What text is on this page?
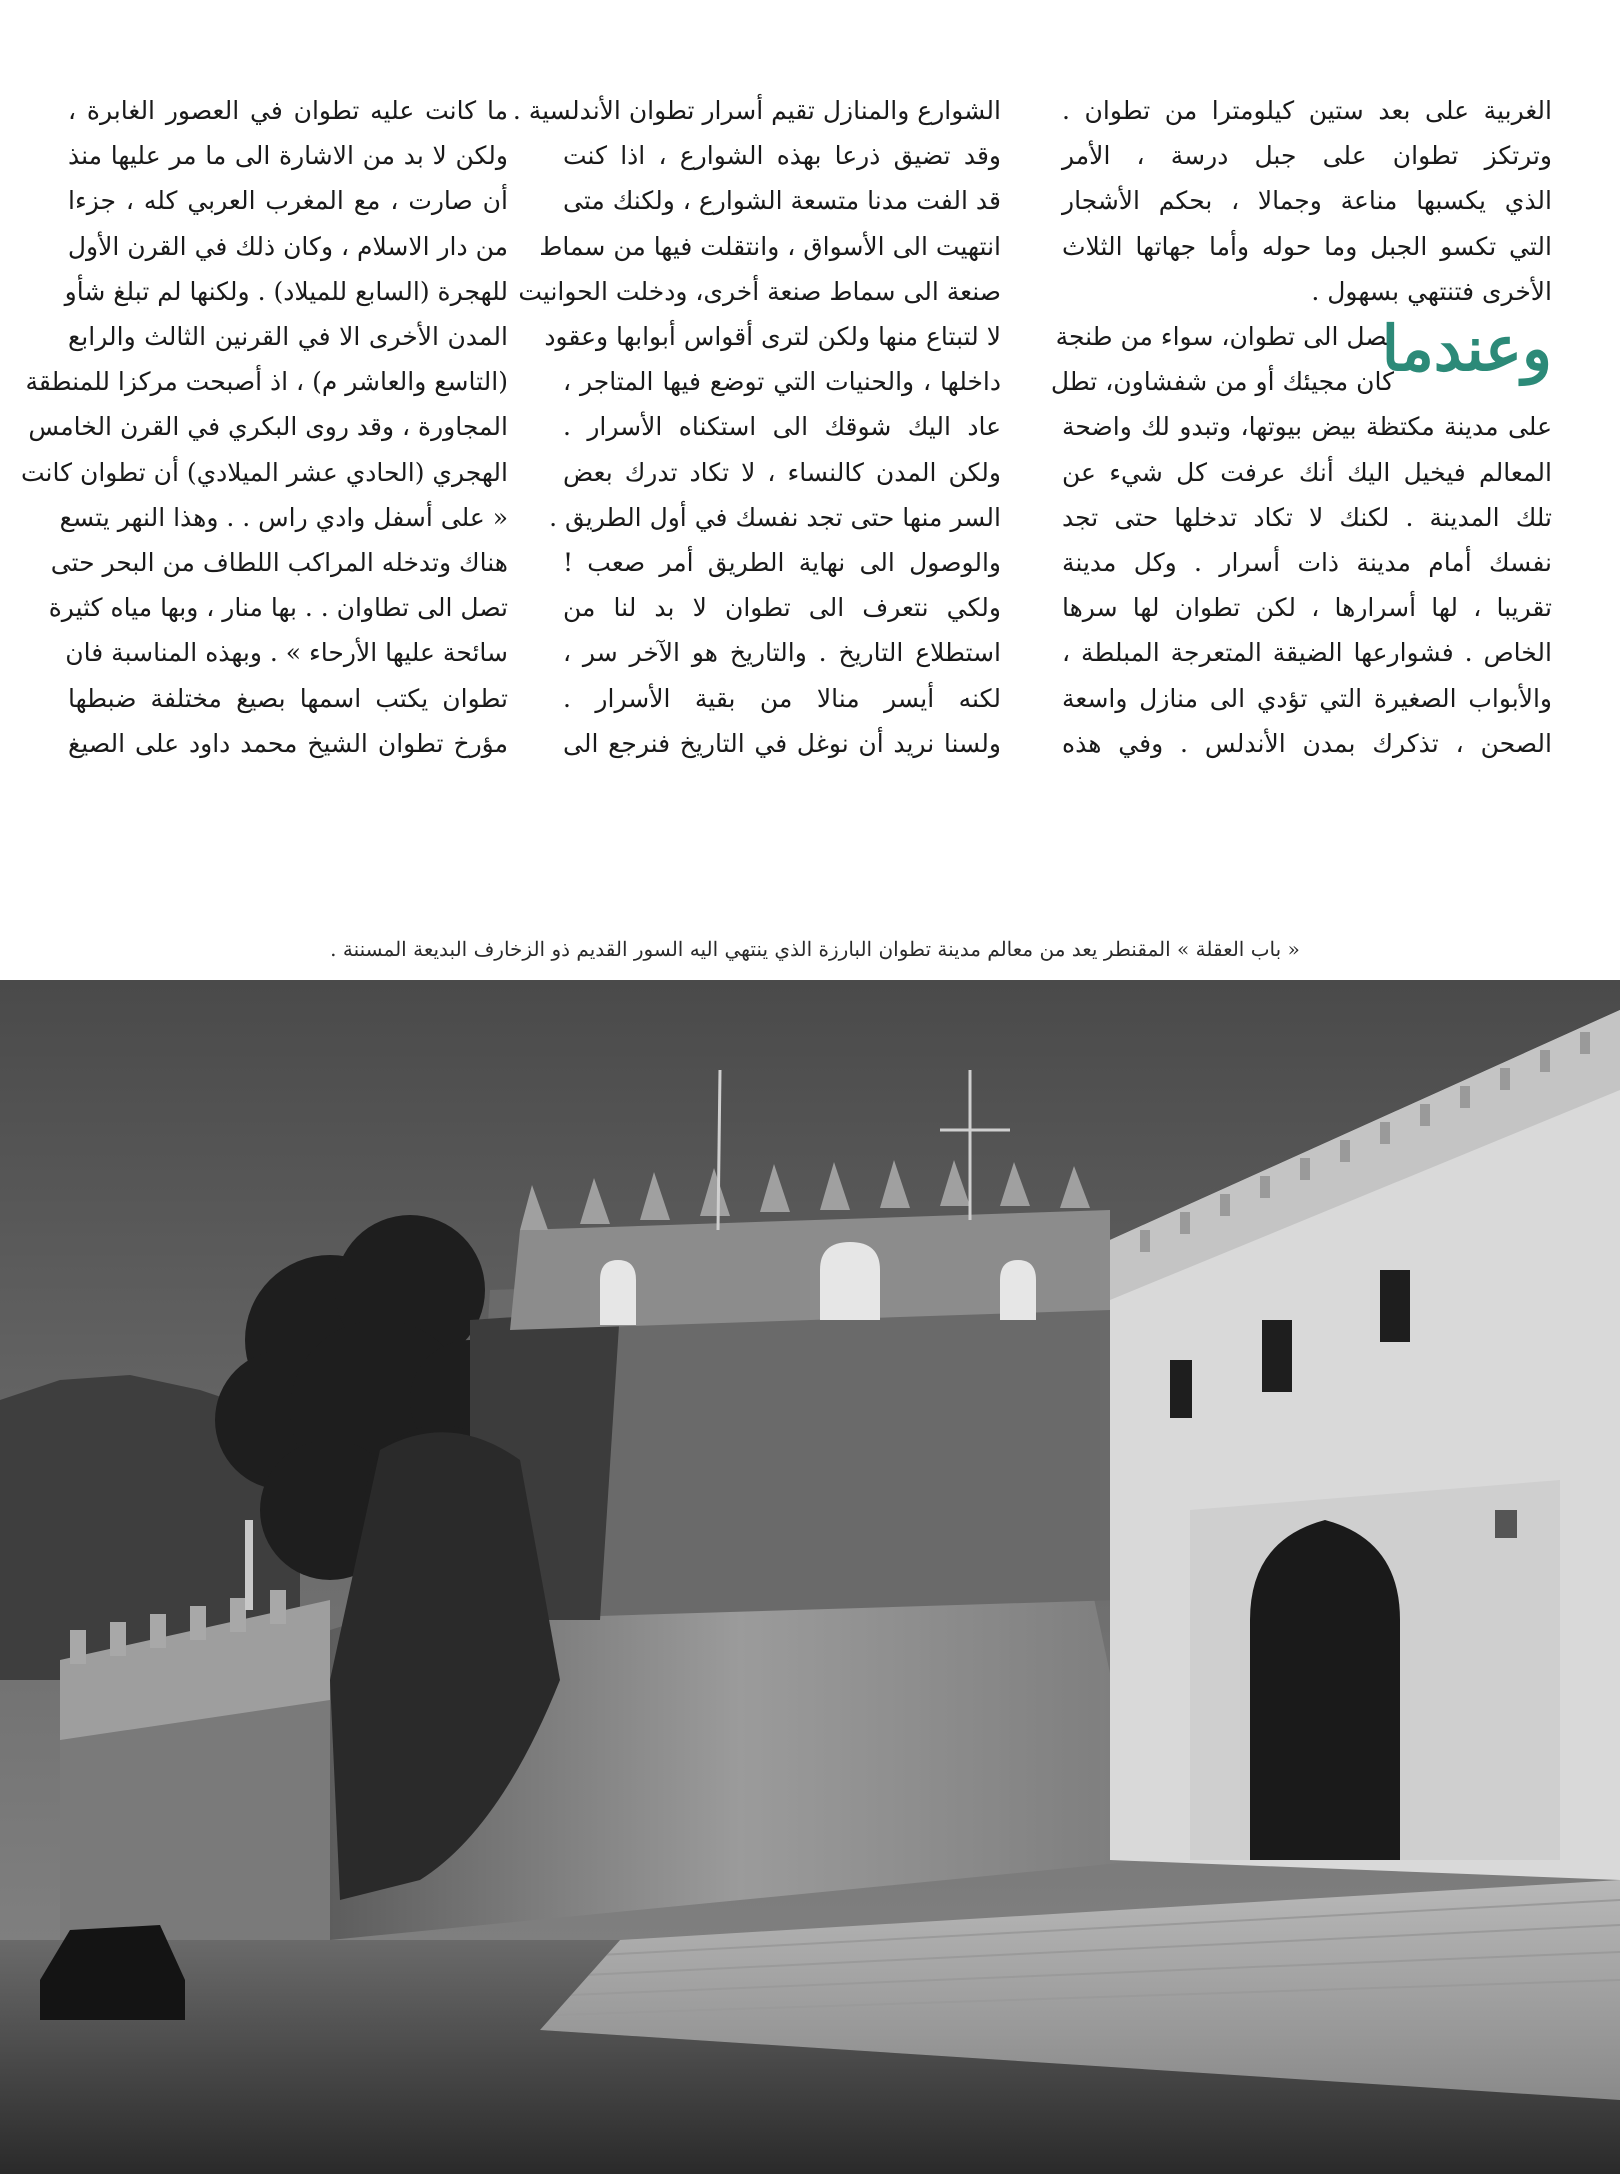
الغربية على بعد ستين كيلومترا من تطوان .

وترتكز تطوان على جبل درسة ، الأمر

الذي يكسبها مناعة وجمالا ، بحكم الأشجار

التي تكسو الجبل وما حوله وأما جهاتها الثلاث

الأخرى فتنتهي بسهول .

وعندما

تصل الى تطوان، سواء من طنجة

كان مجيئك أو من شفشاون، تطل

على مدينة مكتظة بيض بيوتها، وتبدو لك واضحة

المعالم فيخيل اليك أنك عرفت كل شيء عن

تلك المدينة . لكنك لا تكاد تدخلها حتى تجد

نفسك أمام مدينة ذات أسرار . وكل مدينة

تقريبا ، لها أسرارها ، لكن تطوان لها سرها

الخاص . فشوارعها الضيقة المتعرجة المبلطة ،

والأبواب الصغيرة التي تؤدي الى منازل واسعة

الصحن ، تذكرك بمدن الأندلس . وفي هذه

الشوارع والمنازل تقيم أسرار تطوان الأندلسية .

وقد تضيق ذرعا بهذه الشوارع ، اذا كنت

قد الفت مدنا متسعة الشوارع ، ولكنك متى

انتهيت الى الأسواق ، وانتقلت فيها من سماط

صنعة الى سماط صنعة أخرى، ودخلت الحوانيت

لا لتبتاع منها ولكن لترى أقواس أبوابها وعقود

داخلها ، والحنيات التي توضع فيها المتاجر ،

عاد اليك شوقك الى استكناه الأسرار .

ولكن المدن كالنساء ، لا تكاد تدرك بعض

السر منها حتى تجد نفسك في أول الطريق .

والوصول الى نهاية الطريق أمر صعب !

ولكي نتعرف الى تطوان لا بد لنا من

استطلاع التاريخ . والتاريخ هو الآخر سر ،

لكنه أيسر منالا من بقية الأسرار .

ولسنا نريد أن نوغل في التاريخ فنرجع الى

ما كانت عليه تطوان في العصور الغابرة ،

ولكن لا بد من الاشارة الى ما مر عليها منذ

أن صارت ، مع المغرب العربي كله ، جزءا

من دار الاسلام ، وكان ذلك في القرن الأول

للهجرة (السابع للميلاد) . ولكنها لم تبلغ شأو

المدن الأخرى الا في القرنين الثالث والرابع

(التاسع والعاشر م) ، اذ أصبحت مركزا للمنطقة

المجاورة ، وقد روى البكري في القرن الخامس

الهجري (الحادي عشر الميلادي) أن تطوان كانت

« على أسفل وادي راس . . وهذا النهر يتسع

هناك وتدخله المراكب اللطاف من البحر حتى

تصل الى تطاوان . . بها منار ، وبها مياه كثيرة

سائحة عليها الأرحاء » . وبهذه المناسبة فان

تطوان يكتب اسمها بصيغ مختلفة ضبطها

مؤرخ تطوان الشيخ محمد داود على الصيغ

« باب العقلة » المقنطر يعد من معالم مدينة تطوان البارزة الذي ينتهي اليه السور القديم ذو الزخارف البديعة المسننة .
